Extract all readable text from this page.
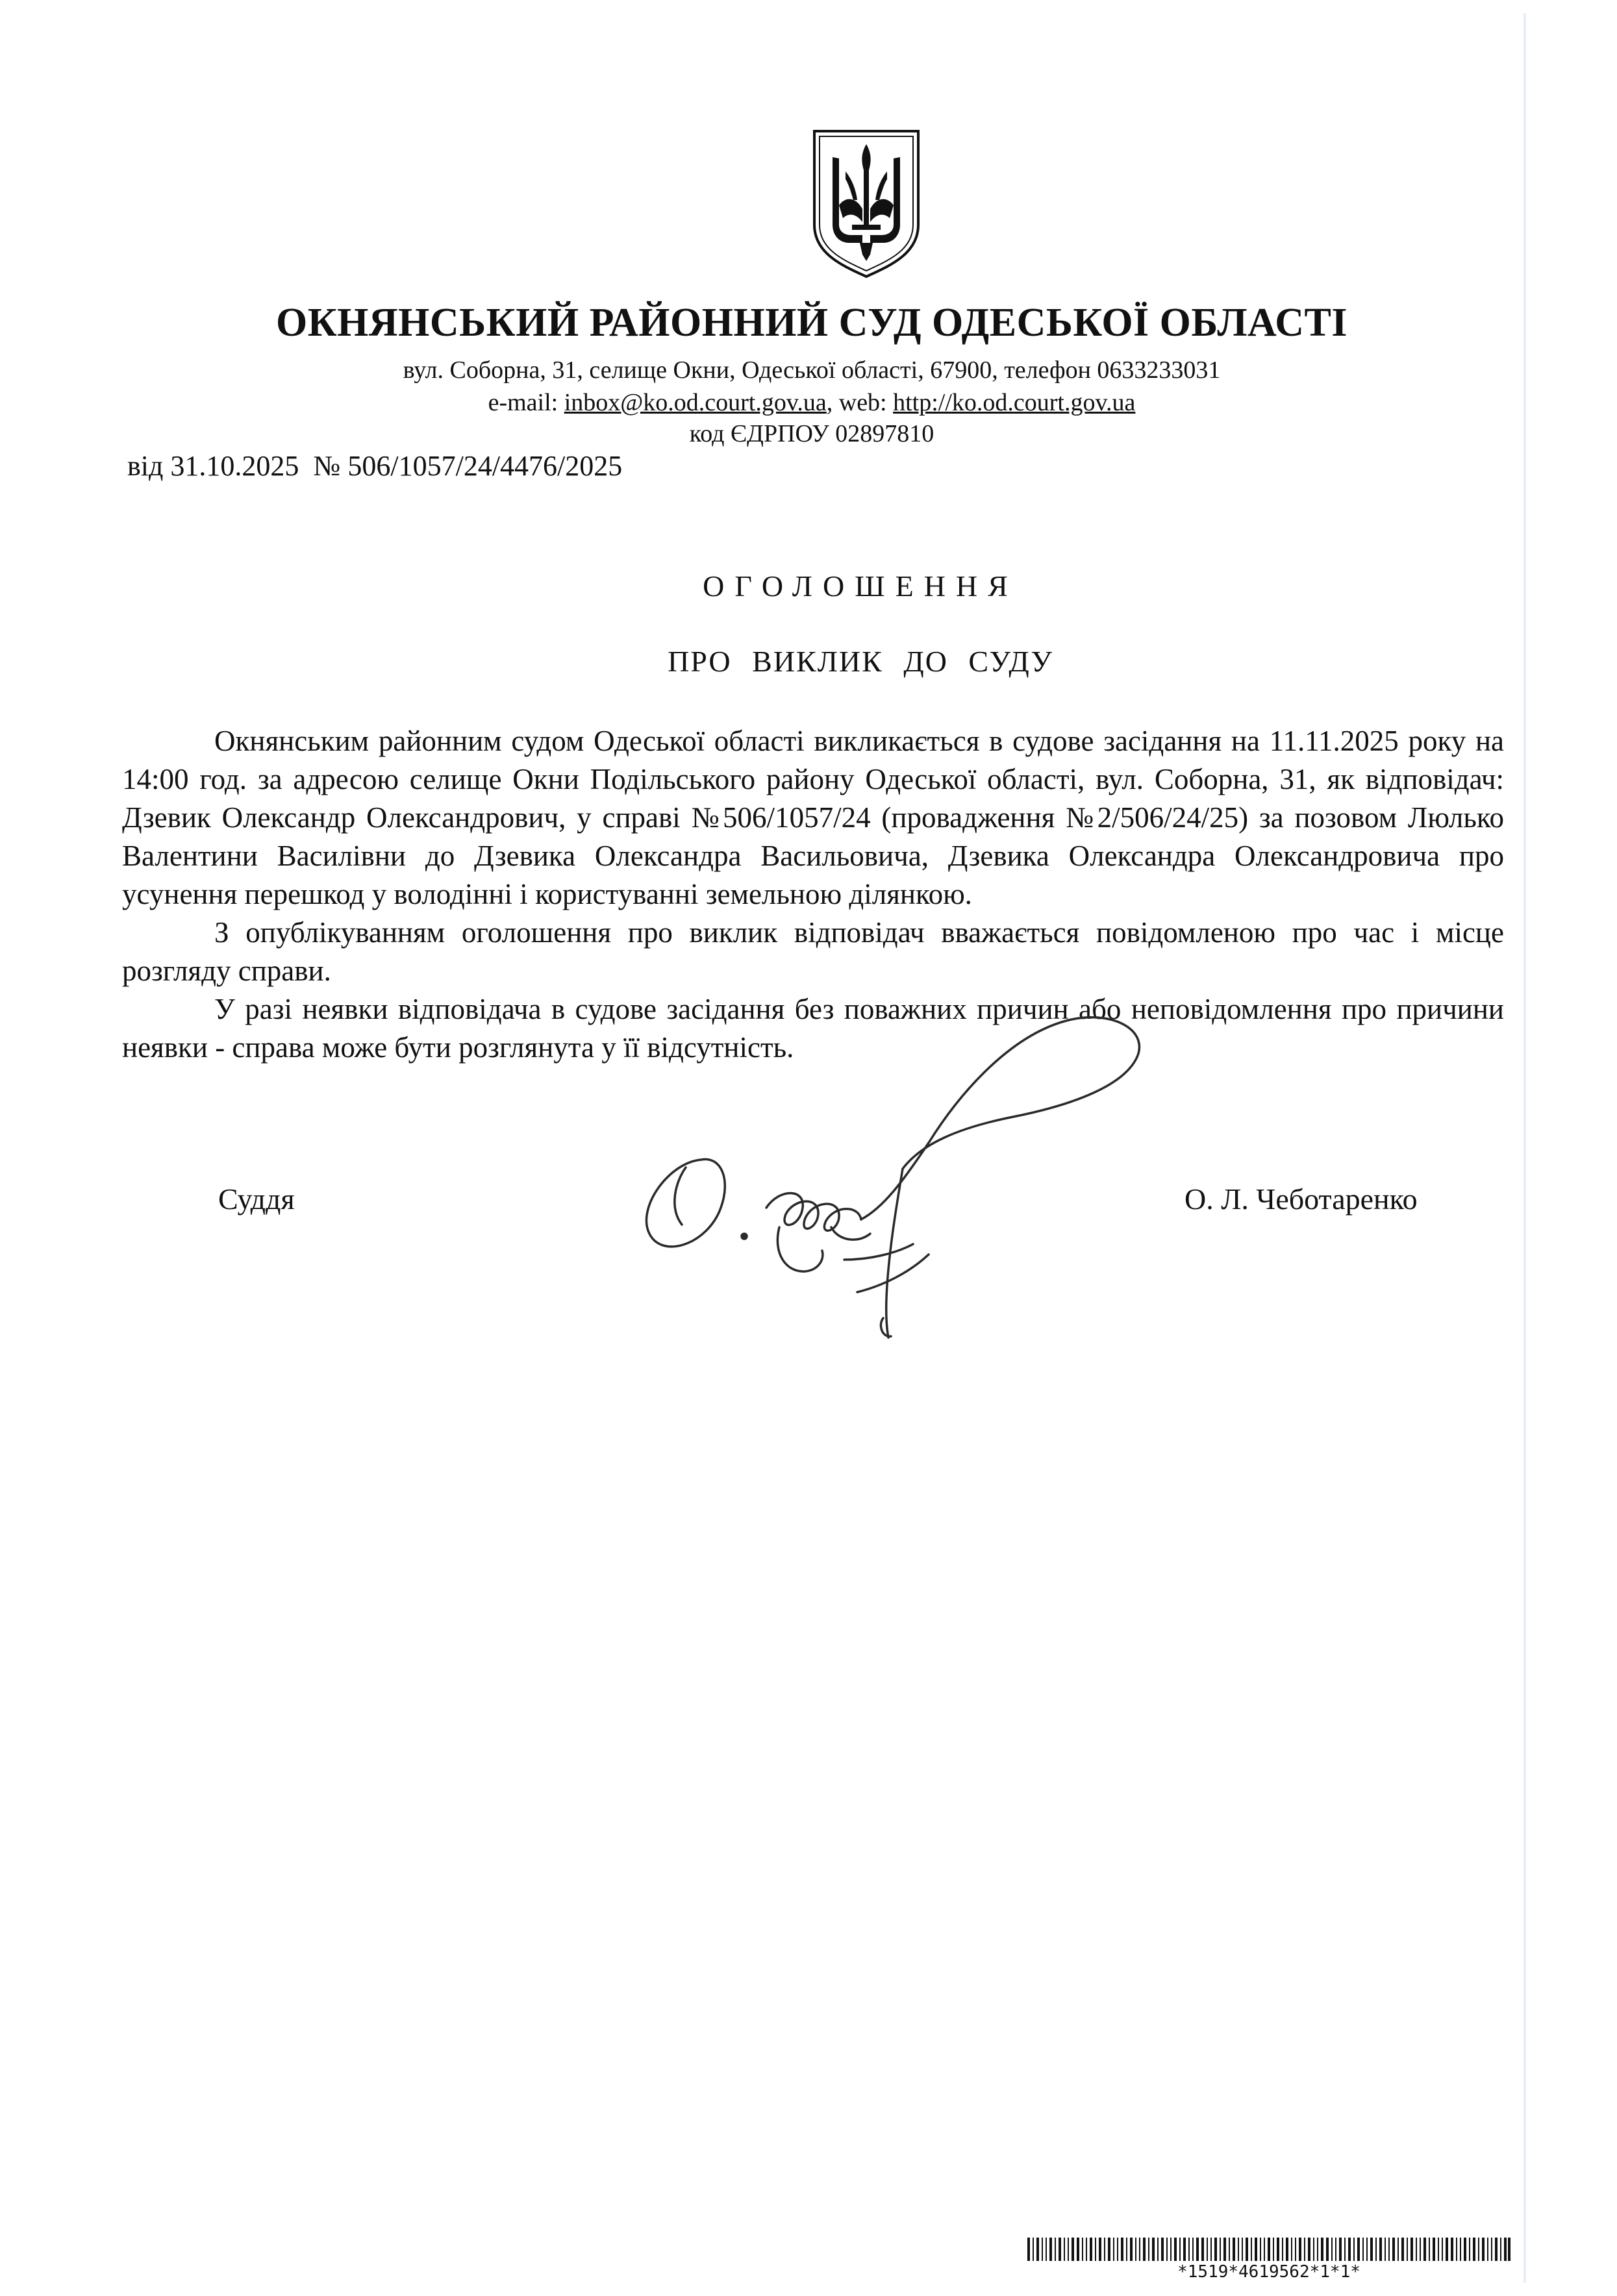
ОКНЯНСЬКИЙ РАЙОННИЙ СУД ОДЕСЬКОЇ ОБЛАСТІ
вул. Соборна, 31, селище Окни, Одеської області, 67900, телефон 0633233031
e-mail: inbox@ko.od.court.gov.ua, web: http://ko.od.court.gov.ua
код ЄДРПОУ 02897810
від 31.10.2025 № 506/1057/24/4476/2025
ОГОЛОШЕННЯ
ПРО ВИКЛИК ДО СУДУ

Окнянським районним судом Одеської області викликається в судове засідання на 11.11.2025 року на 14:00 год. за адресою селище Окни Подільського району Одеської області, вул. Соборна, 31, як відповідач: Дзевик Олександр Олександрович, у справі №506/1057/24 (провадження №2/506/24/25) за позовом Люлько Валентини Василівни до Дзевика Олександра Васильовича, Дзевика Олександра Олександровича про усунення перешкод у володінні і користуванні земельною ділянкою.

З опублікуванням оголошення про виклик відповідач вважається повідомленою про час і місце розгляду справи.

У разі неявки відповідача в судове засідання без поважних причин або неповідомлення про причини неявки - справа може бути розглянута у її відсутність.

Суддя	О. Л. Чеботаренко
*1519*4619562*1*1*
